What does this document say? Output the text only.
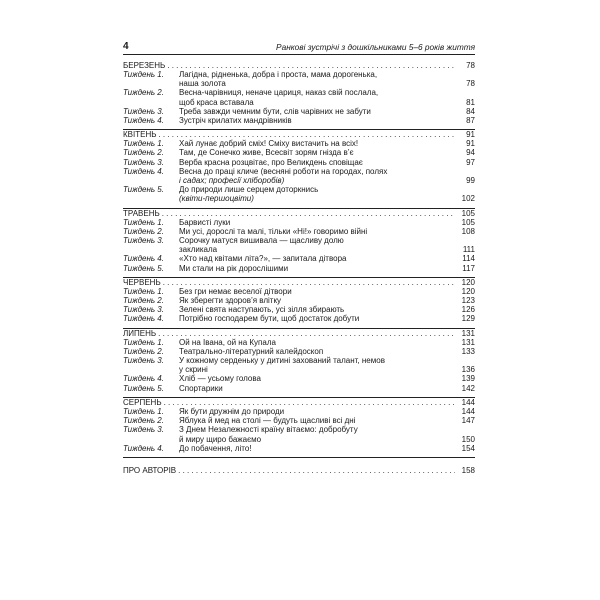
4	Ранкові зустрічі з дошкільниками 5–6 років життя
БЕРЕЗЕНЬ . . .	78
Тиждень 1.	Лагідна, рідненька, добра і проста, мама дорогенька,
наша золота	78
Тиждень 2.	Весна-чарівниця, неначе цариця, наказ свій послала,
щоб краса вставала	81
Тиждень 3.	Треба завжди чемним бути, слів чарівних не забути	84
Тиждень 4.	Зустріч крилатих мандрівників	87
КВІТЕНЬ . . .	91
Тиждень 1.	Хай лунає добрий сміх! Сміху вистачить на всіх!	91
Тиждень 2.	Там, де Сонечко живе, Всесвіт зорям гнізда в’є	94
Тиждень 3.	Верба красна розцвітає, про Великдень сповіщає	97
Тиждень 4.	Весна до праці кличе (весняні роботи на городах, полях
і садах; професії хліборобів)	99
Тиждень 5.	До природи лише серцем доторкнись
(квіти-першоцвіти)	102
ТРАВЕНЬ . . .	105
Тиждень 1.	Барвисті луки	105
Тиждень 2.	Ми усі, дорослі та малі, тільки «Ні!» говоримо війні	108
Тиждень 3.	Сорочку матуся вишивала — щасливу долю
закликала	111
Тиждень 4.	«Хто над квітами літа?», — запитала дітвора	114
Тиждень 5.	Ми стали на рік дорослішими	117
ЧЕРВЕНЬ . . .	120
Тиждень 1.	Без гри немає веселої дітвори	120
Тиждень 2.	Як зберегти здоров’я влітку	123
Тиждень 3.	Зелені свята наступають, усі зілля збирають	126
Тиждень 4.	Потрібно господарем бути, щоб достаток добути	129
ЛИПЕНЬ . . .	131
Тиждень 1.	Ой на Івана, ой на Купала	131
Тиждень 2.	Театрально-літературний калейдоскоп	133
Тиждень 3.	У кожному серденьку у дитині захований талант, немов
у скрині	136
Тиждень 4.	Хліб — усьому голова	139
Тиждень 5.	Спортарики	142
СЕРПЕНЬ . . .	144
Тиждень 1.	Як бути дружнім до природи	144
Тиждень 2.	Яблука й мед на столі — будуть щасливі всі дні	147
Тиждень 3.	З Днем Незалежності країну вітаємо: добробуту
й миру щиро бажаємо	150
Тиждень 4.	До побачення, літо!	154
ПРО АВТОРІВ . . .	158
